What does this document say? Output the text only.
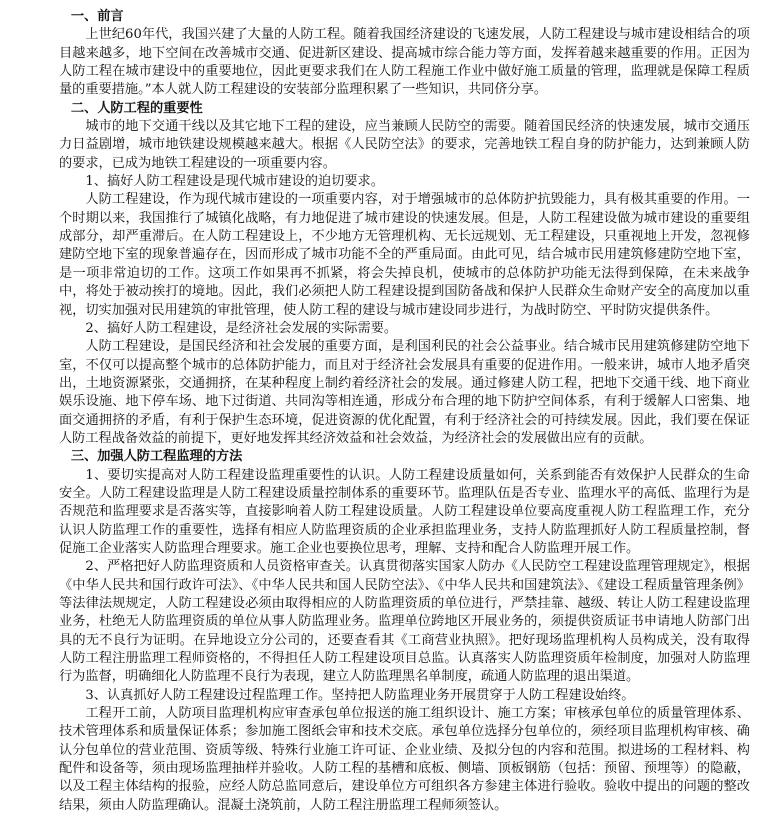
一、前言

上世纪60年代，我国兴建了大量的人防工程。随着我国经济建设的飞速发展，人防工程建设与城市建设相结合的项目越来越多，地下空间在改善城市交通、促进新区建设、提高城市综合能力等方面，发挥着越来越重要的作用。正因为人防工程在城市建设中的重要地位，因此更要求我们在人防工程施工作业中做好施工质量的管理，监理就是保障工程质量的重要措施。”本人就人防工程建设的安装部分监理积累了一些知识，共同侪分享。

二、人防工程的重要性

城市的地下交通干线以及其它地下工程的建设，应当兼顾人民防空的需要。随着国民经济的快速发展，城市交通压力日益剧增，城市地铁建设规模越来越大。根据《人民防空法》的要求，完善地铁工程自身的防护能力，达到兼顾人防的要求，已成为地铁工程建设的一项重要内容。

1、搞好人防工程建设是现代城市建设的迫切要求。

人防工程建设，作为现代城市建设的一项重要内容，对于增强城市的总体防护抗毁能力，具有极其重要的作用。一个时期以来，我国推行了城镇化战略，有力地促进了城市建设的快速发展。但是，人防工程建设做为城市建设的重要组成部分，却严重滞后。在人防工程建设上，不少地方无管理机构、无长远规划、无工程建设，只重视地上开发，忽视修建防空地下室的现象普遍存在，因而形成了城市功能不全的严重局面。由此可见，结合城市民用建筑修建防空地下室，是一项非常迫切的工作。这项工作如果再不抓紧，将会失掉良机，使城市的总体防护功能无法得到保障，在未来战争中，将处于被动挨打的境地。因此，我们必须把人防工程建设提到国防备战和保护人民群众生命财产安全的高度加以重视，切实加强对民用建筑的审批管理，使人防工程的建设与城市建设同步进行，为战时防空、平时防灾提供条件。

2、搞好人防工程建设，是经济社会发展的实际需要。

人防工程建设，是国民经济和社会发展的重要方面，是利国利民的社会公益事业。结合城市民用建筑修建防空地下室，不仅可以提高整个城市的总体防护能力，而且对于经济社会发展具有重要的促进作用。一般来讲，城市人地矛盾突出，土地资源紧张，交通拥挤，在某种程度上制约着经济社会的发展。通过修建人防工程，把地下交通干线、地下商业娱乐设施、地下停车场、地下过街道、共同沟等相连通，形成分布合理的地下防护空间体系，有利于缓解人口密集、地面交通拥挤的矛盾，有利于保护生态环境，促进资源的优化配置，有利于经济社会的可持续发展。因此，我们要在保证人防工程战备效益的前提下，更好地发挥其经济效益和社会效益，为经济社会的发展做出应有的贡献。

三、加强人防工程监理的方法

1、要切实提高对人防工程建设监理重要性的认识。人防工程建设质量如何，关系到能否有效保护人民群众的生命安全。人防工程建设监理是人防工程建设质量控制体系的重要环节。监理队伍是否专业、监理水平的高低、监理行为是否规范和监理要求是否落实等，直接影响着人防工程建设质量。人防工程建设单位要高度重视人防工程监理工作，充分认识人防监理工作的重要性，选择有相应人防监理资质的企业承担监理业务，支持人防监理抓好人防工程质量控制，督促施工企业落实人防监理合理要求。施工企业也要换位思考，理解、支持和配合人防监理开展工作。

2、严格把好人防监理资质和人员资格审查关。认真贯彻落实国家人防办《人民防空工程建设监理管理规定》，根据《中华人民共和国行政许可法》、《中华人民共和国人民防空法》、《中华人民共和国建筑法》、《建设工程质量管理条例》等法律法规规定，人防工程建设必须由取得相应的人防监理资质的单位进行，严禁挂靠、越级、转让人防工程建设监理业务，杜绝无人防监理资质的单位从事人防监理业务。监理单位跨地区开展业务的，须提供资质证书申请地人防部门出具的无不良行为证明。在异地设立分公司的，还要查看其《工商营业执照》。把好现场监理机构人员构成关，没有取得人防工程注册监理工程师资格的，不得担任人防工程建设项目总监。认真落实人防监理资质年检制度，加强对人防监理行为监督，明确细化人防监理不良行为表现，建立人防监理黑名单制度，疏通人防监理的退出渠道。

3、认真抓好人防工程建设过程监理工作。坚持把人防监理业务开展贯穿于人防工程建设始终。

工程开工前，人防项目监理机构应审查承包单位报送的施工组织设计、施工方案；审核承包单位的质量管理体系、技术管理体系和质量保证体系；参加施工图纸会审和技术交底。承包单位选择分包单位的，须经项目监理机构审核、确认分包单位的营业范围、资质等级、特殊行业施工许可证、企业业绩、及拟分包的内容和范围。拟进场的工程材料、构配件和设备等，须由现场监理抽样并验收。人防工程的基槽和底板、侧墙、顶板钢筋（包括：预留、预埋等）的隐蔽，以及工程主体结构的报验，应经人防总监同意后，建设单位方可组织各方参建主体进行验收。验收中提出的问题的整改结果，须由人防监理确认。混凝土浇筑前，人防工程注册监理工程师须签认。
